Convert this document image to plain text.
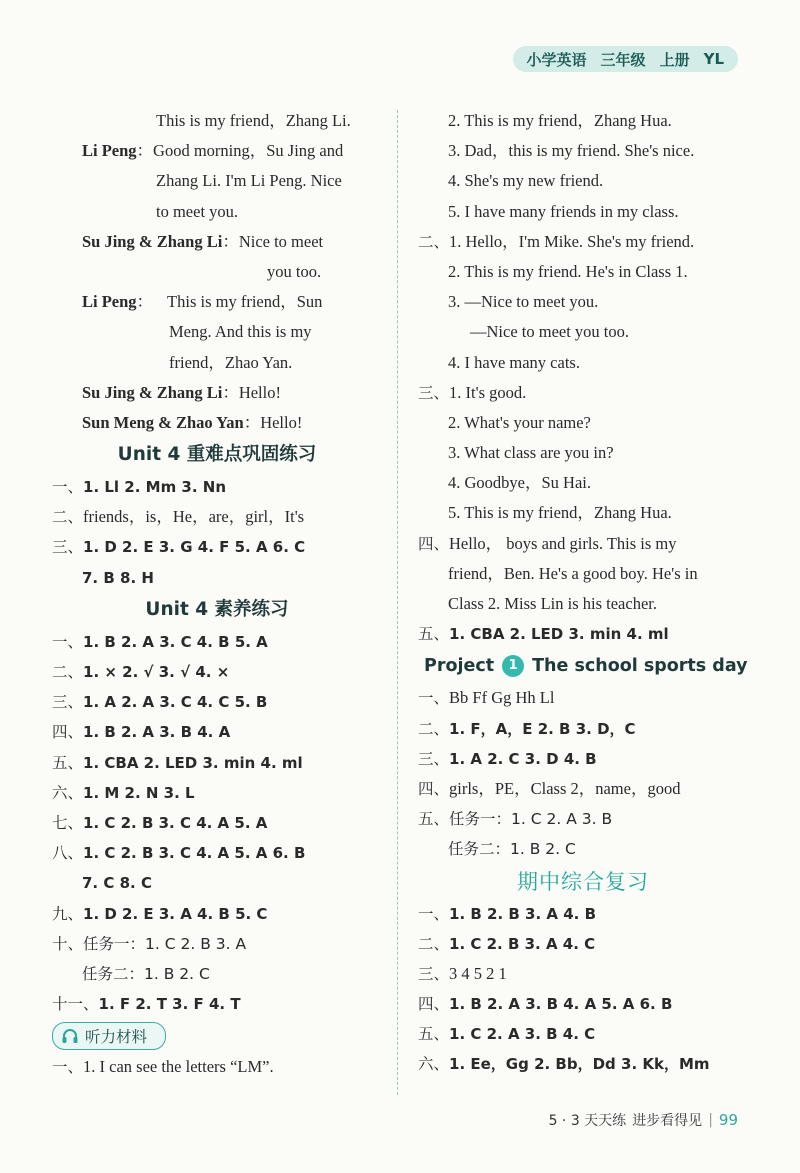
小学英语 三年级 上册 YL
This is my friend，Zhang Li.
Li Peng：Good morning，Su Jing and
Zhang Li. I'm Li Peng. Nice
to meet you.
Su Jing & Zhang Li：Nice to meet
you too.
Li Peng： This is my friend，Sun
Meng. And this is my
friend，Zhao Yan.
Su Jing & Zhang Li：Hello!
Sun Meng & Zhao Yan：Hello!
Unit 4 重难点巩固练习
一、1. Ll 2. Mm 3. Nn
二、friends，is，He，are，girl，It's
三、1. D 2. E 3. G 4. F 5. A 6. C
7. B 8. H
Unit 4 素养练习
一、1. B 2. A 3. C 4. B 5. A
二、1. × 2. √ 3. √ 4. ×
三、1. A 2. A 3. C 4. C 5. B
四、1. B 2. A 3. B 4. A
五、1. CBA 2. LED 3. min 4. ml
六、1. M 2. N 3. L
七、1. C 2. B 3. C 4. A 5. A
八、1. C 2. B 3. C 4. A 5. A 6. B
7. C 8. C
九、1. D 2. E 3. A 4. B 5. C
十、任务一：1. C 2. B 3. A
任务二：1. B 2. C
十一、1. F 2. T 3. F 4. T
听力材料
一、1. I can see the letters “LM”.
2. This is my friend，Zhang Hua.
3. Dad，this is my friend. She's nice.
4. She's my new friend.
5. I have many friends in my class.
二、1. Hello，I'm Mike. She's my friend.
2. This is my friend. He's in Class 1.
3. —Nice to meet you.
—Nice to meet you too.
4. I have many cats.
三、1. It's good.
2. What's your name?
3. What class are you in?
4. Goodbye，Su Hai.
5. This is my friend，Zhang Hua.
四、Hello， boys and girls. This is my
friend，Ben. He's a good boy. He's in
Class 2. Miss Lin is his teacher.
五、1. CBA 2. LED 3. min 4. ml
Project	1 The school sports day
一、Bb Ff Gg Hh Ll
二、1. F，A，E 2. B 3. D，C
三、1. A 2. C 3. D 4. B
四、girls，PE，Class 2，name，good
五、任务一：1. C 2. A 3. B
任务二：1. B 2. C
期中综合复习
一、1. B 2. B 3. A 4. B
二、1. C 2. B 3. A 4. C
三、3 4 5 2 1
四、1. B 2. A 3. B 4. A 5. A 6. B
五、1. C 2. A 3. B 4. C
六、1. Ee，Gg 2. Bb，Dd 3. Kk，Mm
5 · 3 天天练 进步看得见 | 99
